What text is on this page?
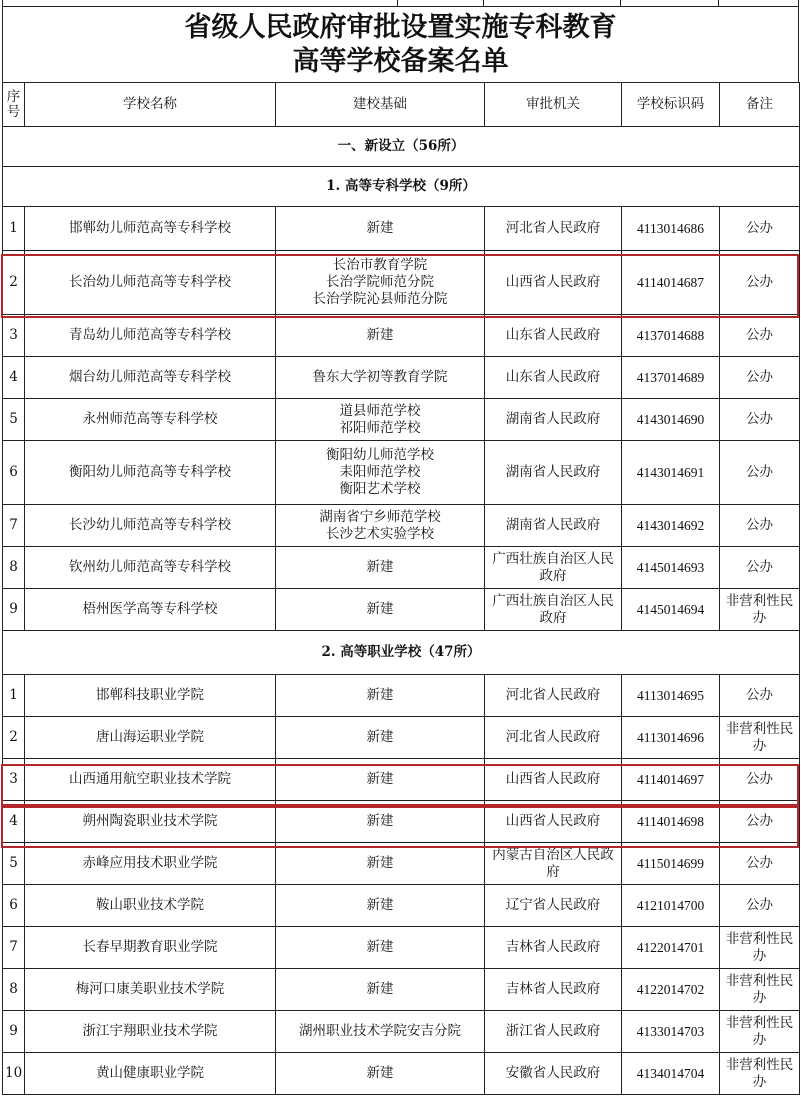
省级人民政府审批设置实施专科教育
高等学校备案名单
序号	学校名称	建校基础	审批机关	学校标识码	备注
一、新设立（56所）					
1. 高等专科学校（9所）					
1	邯郸幼儿师范高等专科学校	新建	河北省人民政府	4113014686	公办
2	长治幼儿师范高等专科学校	长治市教育学院
长治学院师范分院
长治学院沁县师范分院	山西省人民政府	4114014687	公办
3	青岛幼儿师范高等专科学校	新建	山东省人民政府	4137014688	公办
4	烟台幼儿师范高等专科学校	鲁东大学初等教育学院	山东省人民政府	4137014689	公办
5	永州师范高等专科学校	道县师范学校
祁阳师范学校	湖南省人民政府	4143014690	公办
6	衡阳幼儿师范高等专科学校	衡阳幼儿师范学校
耒阳师范学校
衡阳艺术学校	湖南省人民政府	4143014691	公办
7	长沙幼儿师范高等专科学校	湖南省宁乡师范学校
长沙艺术实验学校	湖南省人民政府	4143014692	公办
8	钦州幼儿师范高等专科学校	新建	广西壮族自治区人民政府	4145014693	公办
9	梧州医学高等专科学校	新建	广西壮族自治区人民政府	4145014694	非营利性民办
2. 高等职业学校（47所）					
1	邯郸科技职业学院	新建	河北省人民政府	4113014695	公办
2	唐山海运职业学院	新建	河北省人民政府	4113014696	非营利性民办
3	山西通用航空职业技术学院	新建	山西省人民政府	4114014697	公办
4	朔州陶瓷职业技术学院	新建	山西省人民政府	4114014698	公办
5	赤峰应用技术职业学院	新建	内蒙古自治区人民政府	4115014699	公办
6	鞍山职业技术学院	新建	辽宁省人民政府	4121014700	公办
7	长春早期教育职业学院	新建	吉林省人民政府	4122014701	非营利性民办
8	梅河口康美职业技术学院	新建	吉林省人民政府	4122014702	非营利性民办
9	浙江宇翔职业技术学院	湖州职业技术学院安吉分院	浙江省人民政府	4133014703	非营利性民办
10	黄山健康职业学院	新建	安徽省人民政府	4134014704	非营利性民办
